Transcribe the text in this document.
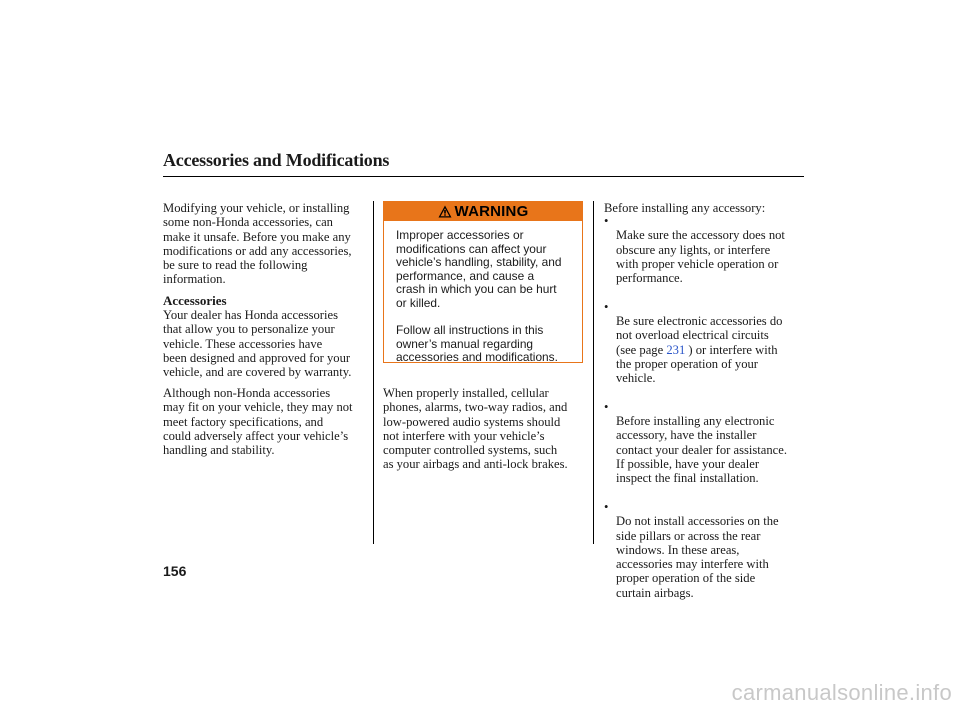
Accessories and Modifications
Modifying your vehicle, or installing
some non-Honda accessories, can
make it unsafe. Before you make any
modifications or add any accessories,
be sure to read the following
information.
Accessories
Your dealer has Honda accessories
that allow you to personalize your
vehicle. These accessories have
been designed and approved for your
vehicle, and are covered by warranty.
Although non-Honda accessories
may fit on your vehicle, they may not
meet factory specifications, and
could adversely affect your vehicle’s
handling and stability.
WARNING
Improper accessories or
modifications can affect your
vehicle’s handling, stability, and
performance, and cause a
crash in which you can be hurt
or killed.

Follow all instructions in this
owner’s manual regarding
accessories and modifications.
When properly installed, cellular
phones, alarms, two-way radios, and
low-powered audio systems should
not interfere with your vehicle’s
computer controlled systems, such
as your airbags and anti-lock brakes.
Before installing any accessory:

•
Make sure the accessory does not
obscure any lights, or interfere
with proper vehicle operation or
performance.

•
Be sure electronic accessories do
not overload electrical circuits
(see page 231 ) or interfere with
the proper operation of your
vehicle.

•
Before installing any electronic
accessory, have the installer
contact your dealer for assistance.
If possible, have your dealer
inspect the final installation.

•
Do not install accessories on the
side pillars or across the rear
windows. In these areas,
accessories may interfere with
proper operation of the side
curtain airbags.

156
carmanualsonline.info
